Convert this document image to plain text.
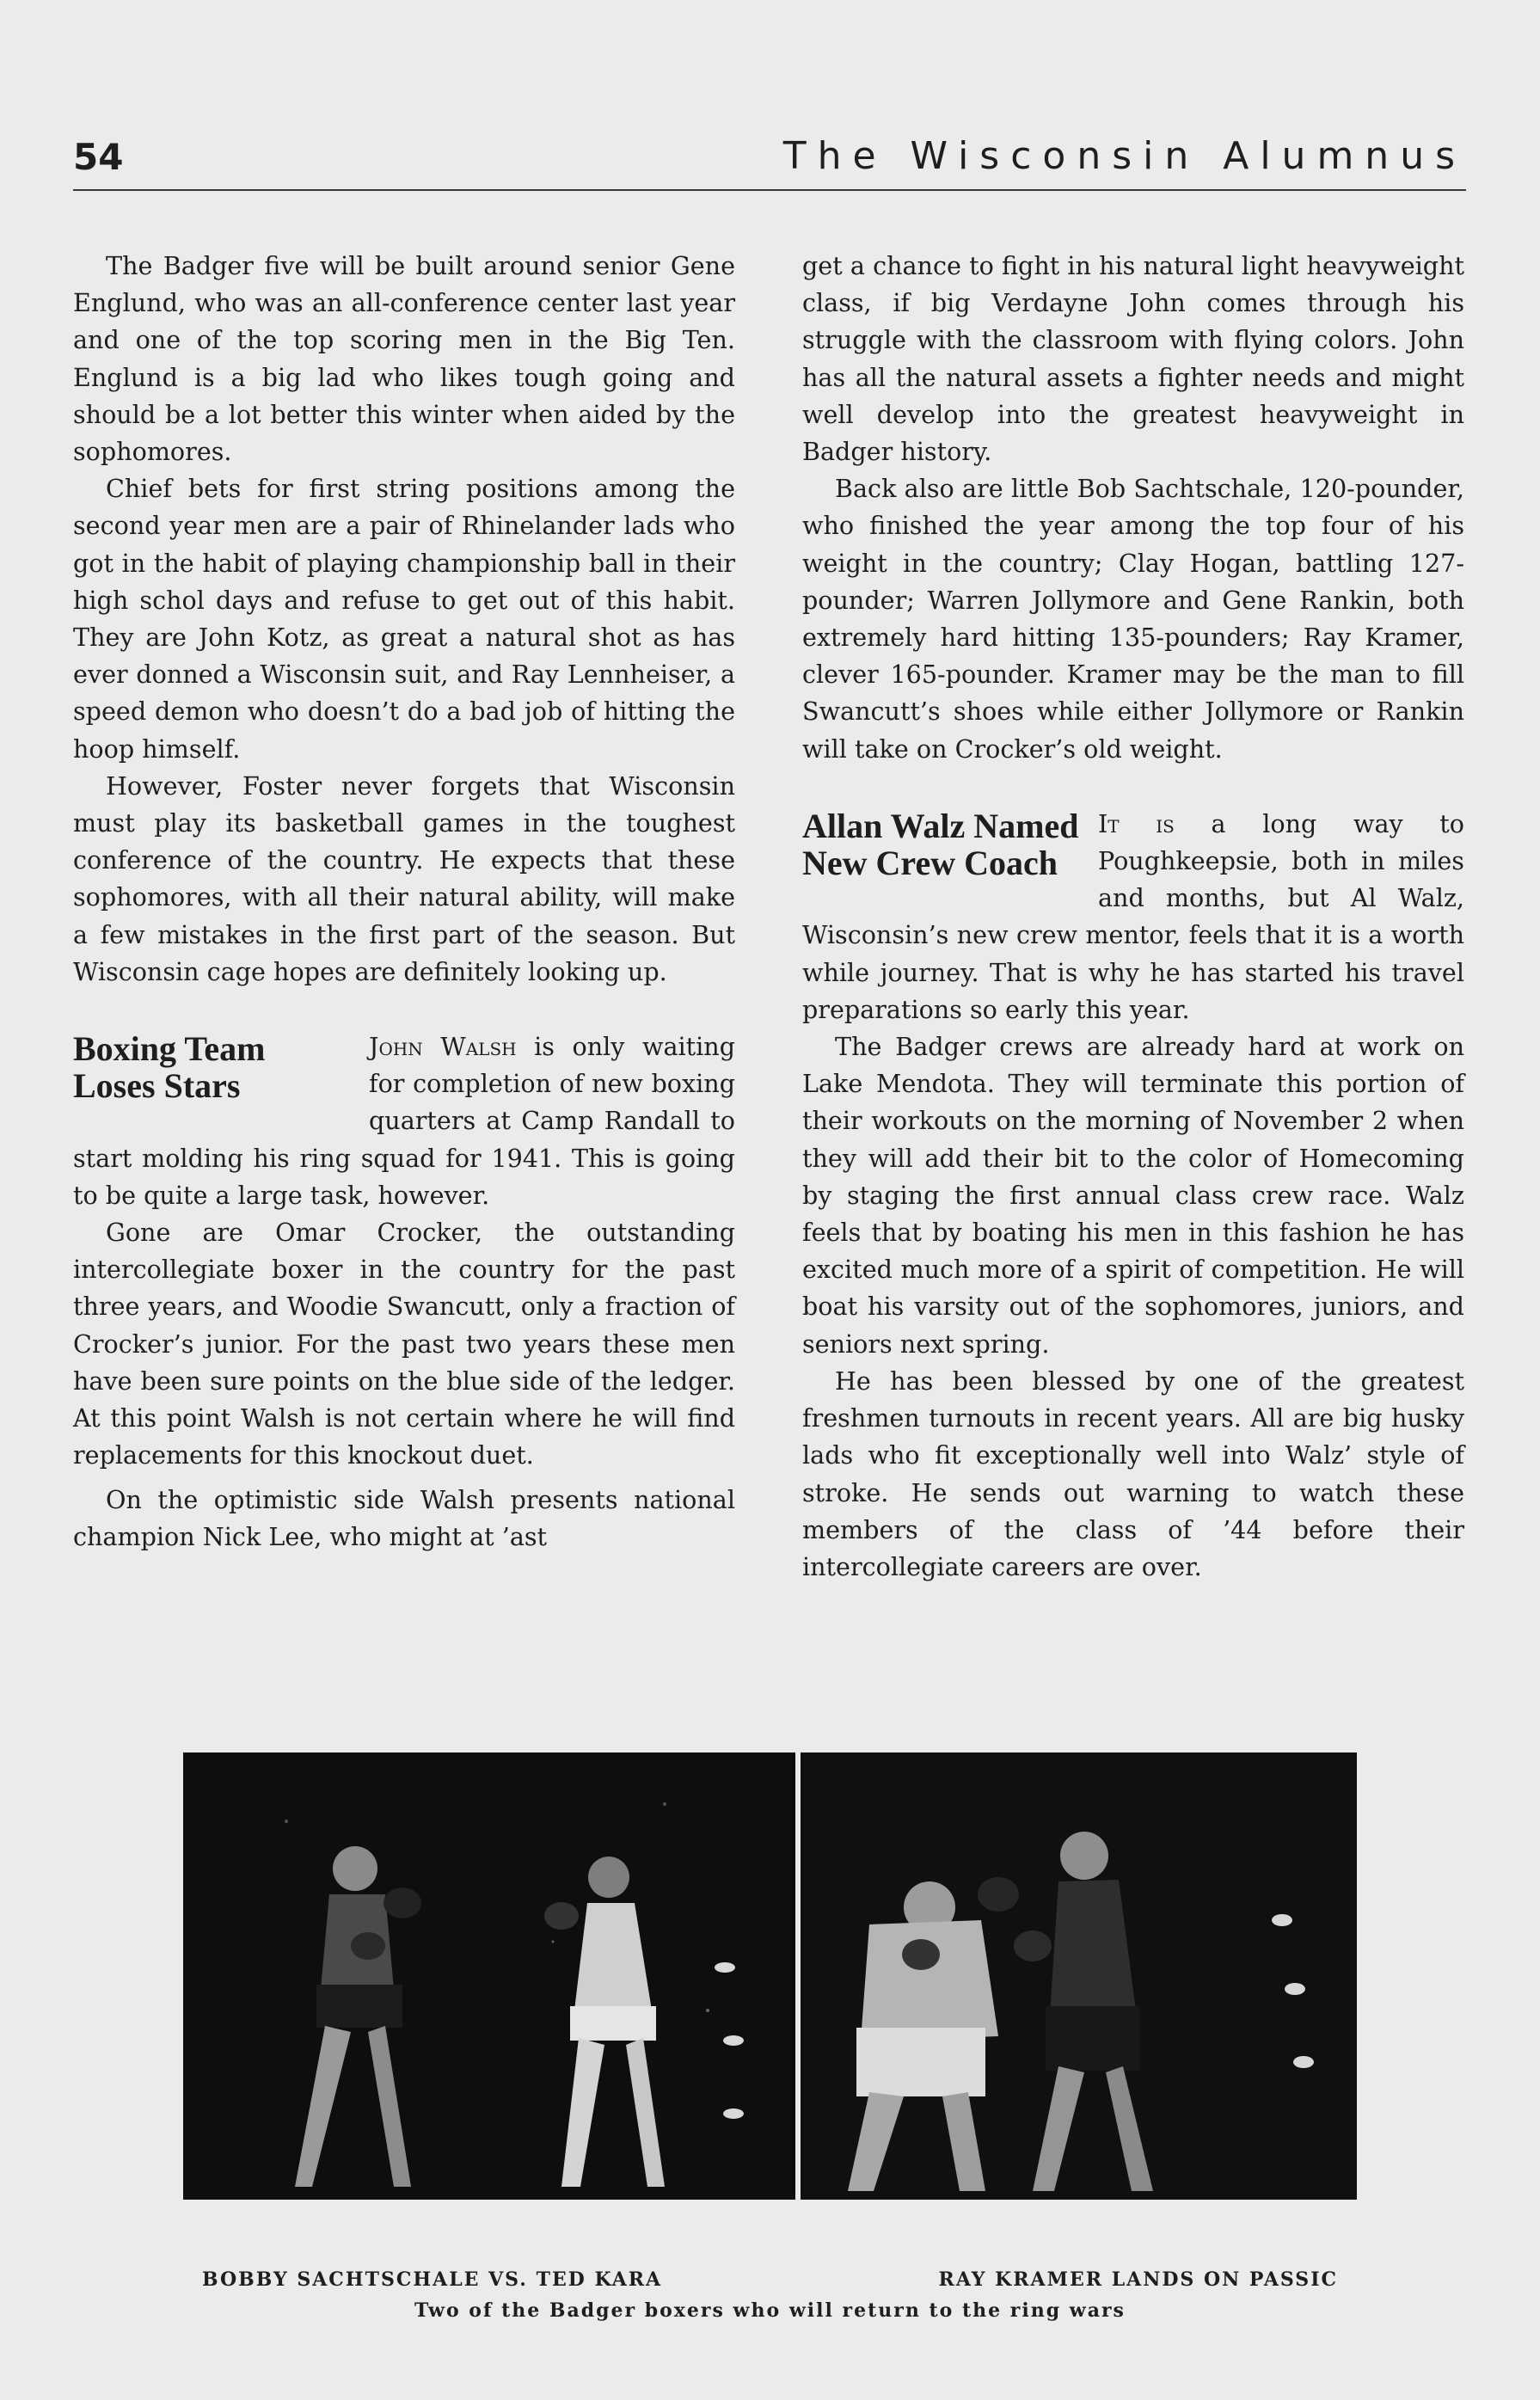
54	The Wisconsin Alumnus

The Badger five will be built around senior Gene Englund, who was an all-conference center last year and one of the top scoring men in the Big Ten. Englund is a big lad who likes tough going and should be a lot better this winter when aided by the sophomores.

Chief bets for first string positions among the second year men are a pair of Rhinelander lads who got in the habit of playing championship ball in their high schol days and refuse to get out of this habit. They are John Kotz, as great a natural shot as has ever donned a Wisconsin suit, and Ray Lennheiser, a speed demon who doesn’t do a bad job of hitting the hoop himself.

However, Foster never forgets that Wisconsin must play its basketball games in the toughest conference of the country. He expects that these sophomores, with all their natural ability, will make a few mistakes in the first part of the season. But Wisconsin cage hopes are definitely looking up.

Boxing Team Loses Stars

John Walsh is only waiting for completion of new boxing quarters at Camp Randall to start molding his ring squad for 1941. This is going to be quite a large task, however.

Gone are Omar Crocker, the outstanding intercollegiate boxer in the country for the past three years, and Woodie Swancutt, only a fraction of Crocker’s junior. For the past two years these men have been sure points on the blue side of the ledger. At this point Walsh is not certain where he will find replacements for this knockout duet.

On the optimistic side Walsh presents national champion Nick Lee, who might at ’ast

get a chance to fight in his natural light heavyweight class, if big Verdayne John comes through his struggle with the classroom with flying colors. John has all the natural assets a fighter needs and might well develop into the greatest heavyweight in Badger history.

Back also are little Bob Sachtschale, 120-pounder, who finished the year among the top four of his weight in the country; Clay Hogan, battling 127-pounder; Warren Jollymore and Gene Rankin, both extremely hard hitting 135-pounders; Ray Kramer, clever 165-pounder. Kramer may be the man to fill Swancutt’s shoes while either Jollymore or Rankin will take on Crocker’s old weight.

Allan Walz Named New Crew Coach

It is a long way to Poughkeepsie, both in miles and months, but Al Walz, Wisconsin’s new crew mentor, feels that it is a worth while journey. That is why he has started his travel preparations so early this year.

The Badger crews are already hard at work on Lake Mendota. They will terminate this portion of their workouts on the morning of November 2 when they will add their bit to the color of Homecoming by staging the first annual class crew race. Walz feels that by boating his men in this fashion he has excited much more of a spirit of competition. He will boat his varsity out of the sophomores, juniors, and seniors next spring.

He has been blessed by one of the greatest freshmen turnouts in recent years. All are big husky lads who fit exceptionally well into Walz’ style of stroke. He sends out warning to watch these members of the class of ’44 before their intercollegiate careers are over.

BOBBY SACHTSCHALE VS. TED KARA	RAY KRAMER LANDS ON PASSIC
Two of the Badger boxers who will return to the ring wars
